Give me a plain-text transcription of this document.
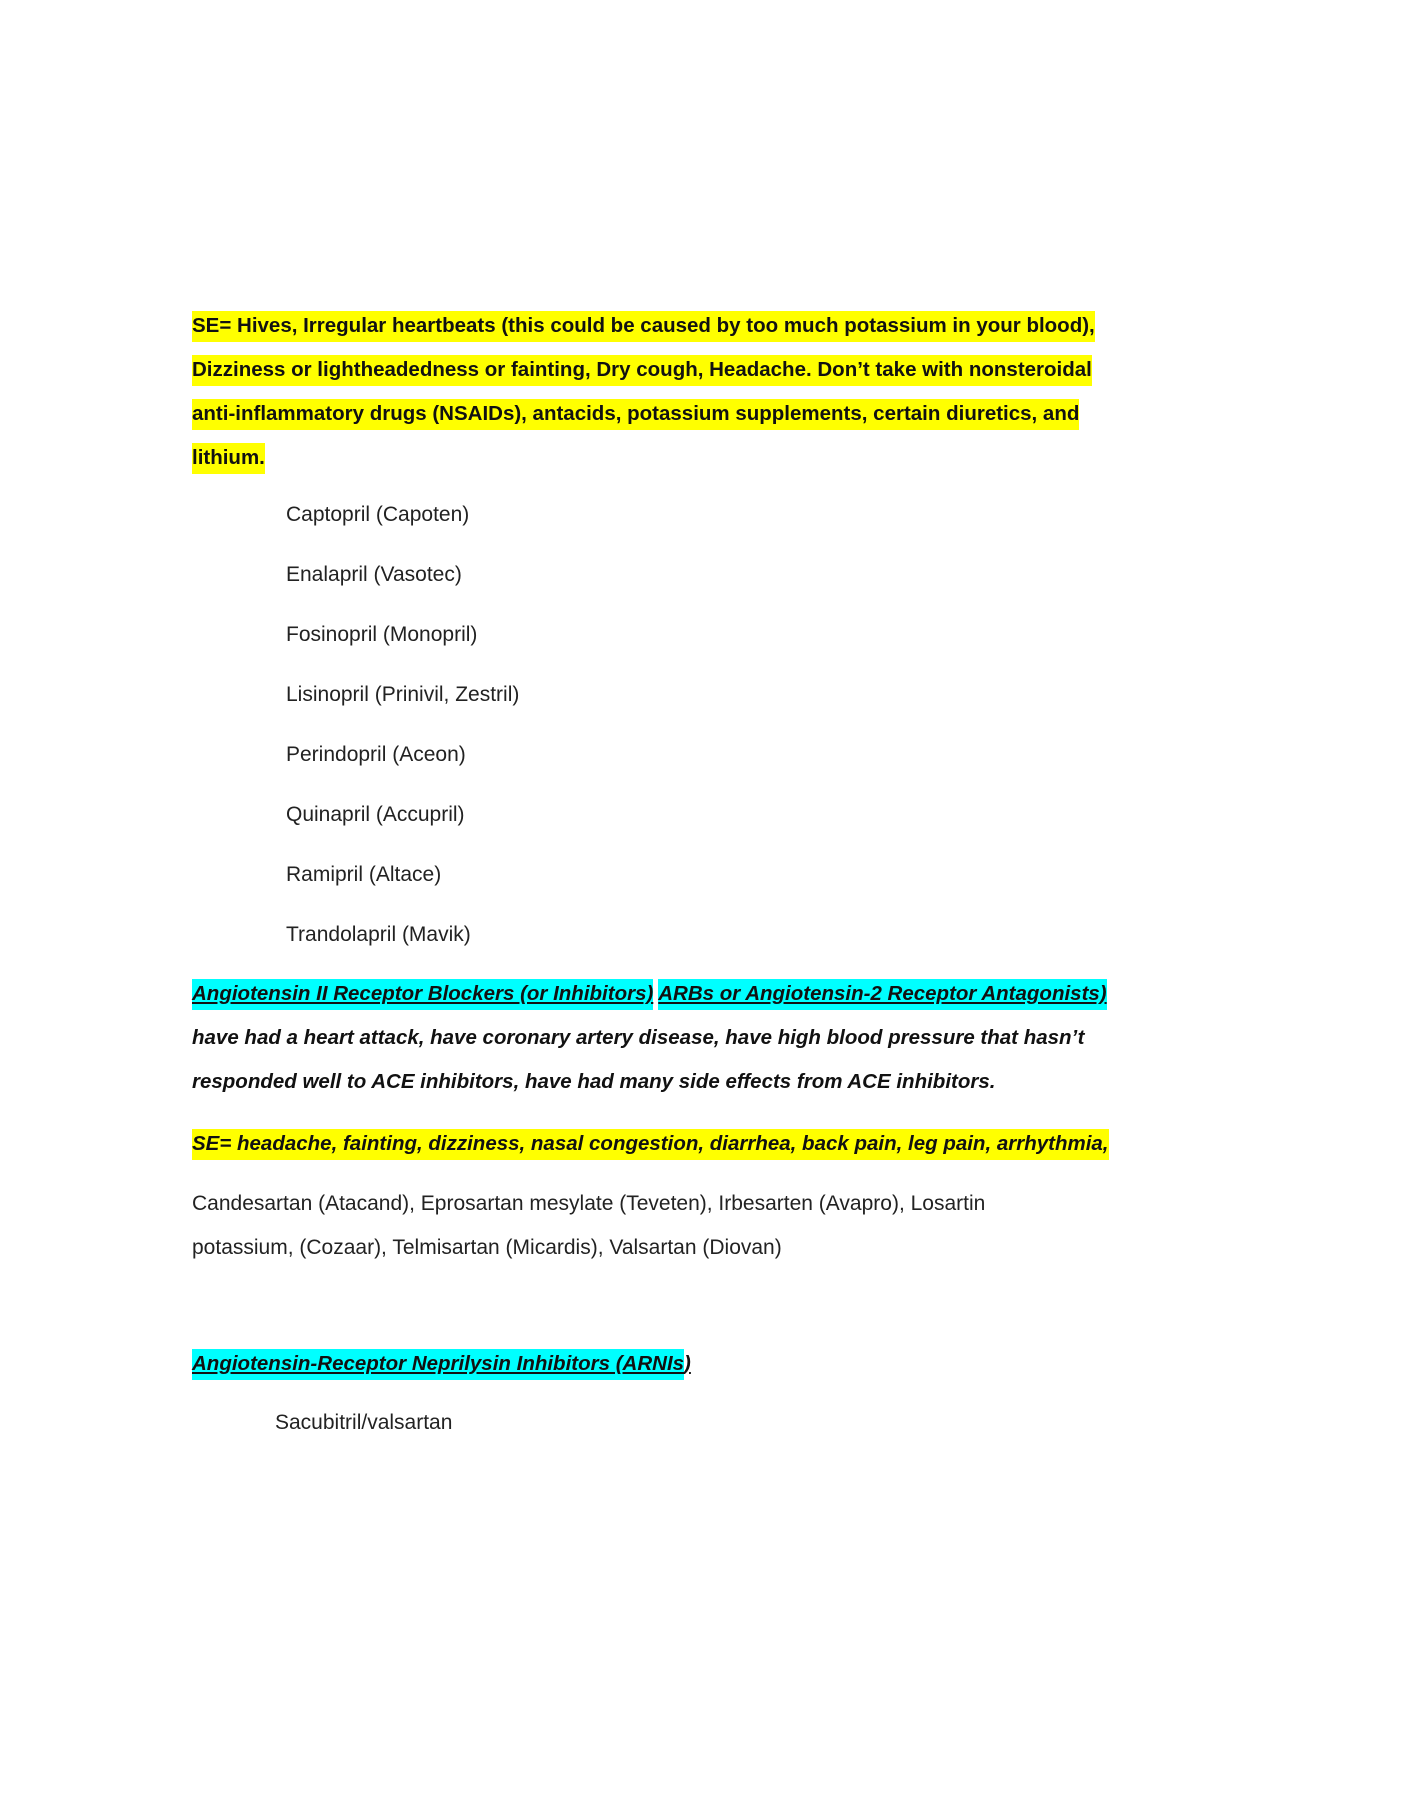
SE= Hives, Irregular heartbeats (this could be caused by too much potassium in your blood), Dizziness or lightheadedness or fainting, Dry cough, Headache. Don’t take with nonsteroidal anti-inflammatory drugs (NSAIDs), antacids, potassium supplements, certain diuretics, and lithium.

Captopril (Capoten)
Enalapril (Vasotec)
Fosinopril (Monopril)
Lisinopril (Prinivil, Zestril)
Perindopril (Aceon)
Quinapril (Accupril)
Ramipril (Altace)
Trandolapril (Mavik)

Angiotensin II Receptor Blockers (or Inhibitors) ARBs or Angiotensin-2 Receptor Antagonists)
have had a heart attack, have coronary artery disease, have high blood pressure that hasn’t responded well to ACE inhibitors, have had many side effects from ACE inhibitors.

SE= headache, fainting, dizziness, nasal congestion, diarrhea, back pain, leg pain, arrhythmia,

Candesartan (Atacand), Eprosartan mesylate (Teveten), Irbesarten (Avapro), Losartin potassium, (Cozaar), Telmisartan (Micardis), Valsartan (Diovan)

Angiotensin-Receptor Neprilysin Inhibitors (ARNIs)

Sacubitril/valsartan
